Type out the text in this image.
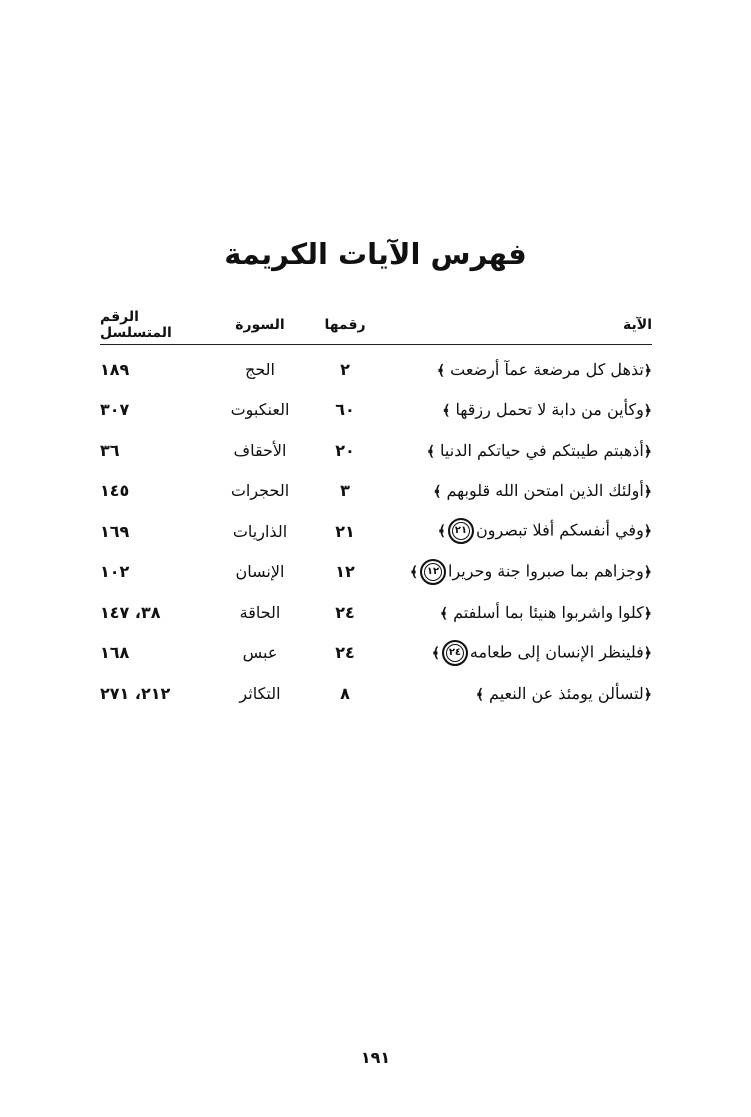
فهرس الآيات الكريمة
الآية	رقمها	السورة	الرقم المتسلسل
﴿تذهل كل مرضعة عمآ أرضعت ﴾	٢	الحج	١٨٩
﴿وكأين من دابة لا تحمل رزقها ﴾	٦٠	العنكبوت	٣٠٧
﴿أذهبتم طيبتكم في حياتكم الدنيا ﴾	٢٠	الأحقاف	٣٦
﴿أولئك الذين امتحن الله قلوبهم ﴾	٣	الحجرات	١٤٥
﴿وفي أنفسكم أفلا تبصرون٢١﴾	٢١	الذاريات	١٦٩
﴿وجزاهم بما صبروا جنة وحريرا١٢﴾	١٢	الإنسان	١٠٢
﴿كلوا واشربوا هنيئا بما أسلفتم ﴾	٢٤	الحاقة	٣٨، ١٤٧
﴿فلينظر الإنسان إلى طعامه٢٤﴾	٢٤	عبس	١٦٨
﴿لتسألن يومئذ عن النعيم ﴾	٨	التكاثر	٢١٢، ٢٧١
١٩١
